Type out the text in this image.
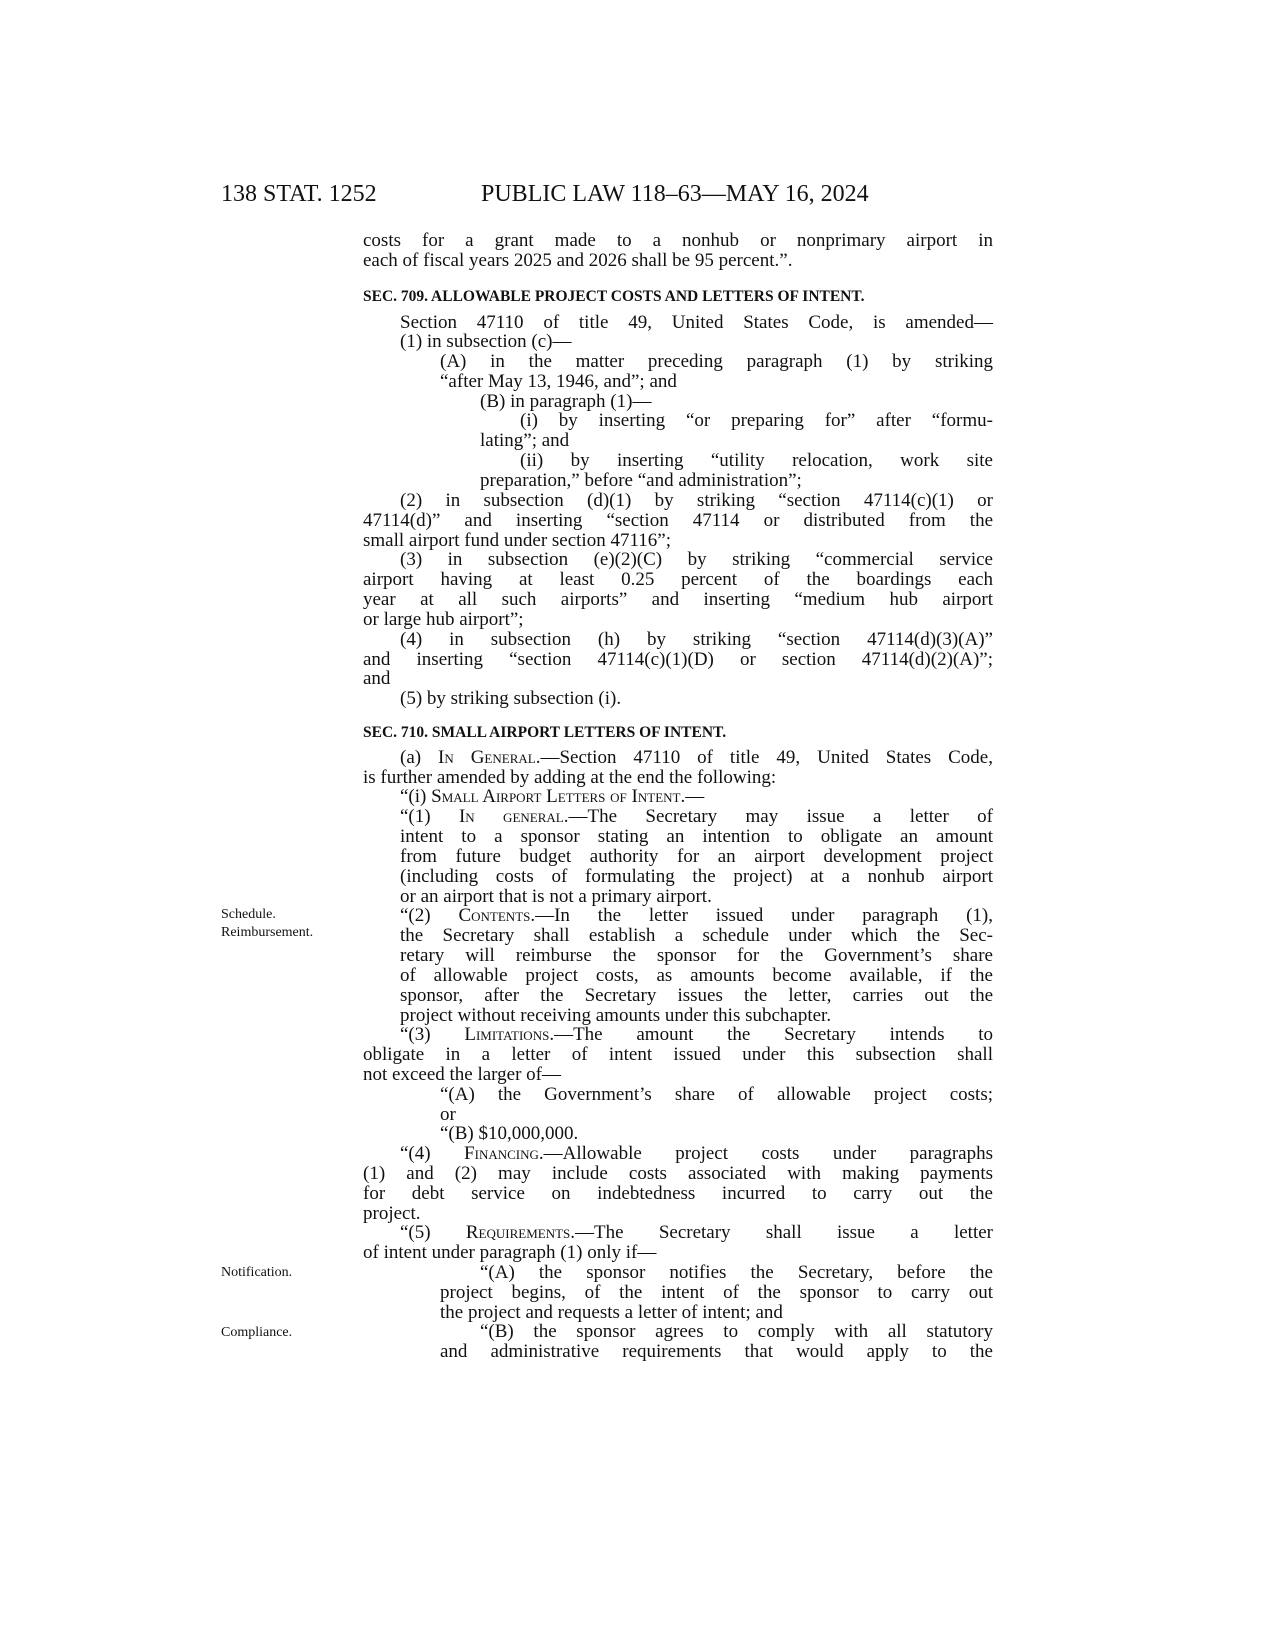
138 STAT. 1252	PUBLIC LAW 118–63—MAY 16, 2024
Schedule.
Reimbursement.
Notification.
Compliance.
costs for a grant made to a nonhub or nonprimary airport in
each of fiscal years 2025 and 2026 shall be 95 percent.”.
SEC. 709. ALLOWABLE PROJECT COSTS AND LETTERS OF INTENT.
Section 47110 of title 49, United States Code, is amended—
(1) in subsection (c)—
(A) in the matter preceding paragraph (1) by striking
“after May 13, 1946, and”; and
(B) in paragraph (1)—
(i) by inserting “or preparing for” after “formu-
lating”; and
(ii) by inserting “utility relocation, work site
preparation,” before “and administration”;
(2) in subsection (d)(1) by striking “section 47114(c)(1) or
47114(d)” and inserting “section 47114 or distributed from the
small airport fund under section 47116”;
(3) in subsection (e)(2)(C) by striking “commercial service
airport having at least 0.25 percent of the boardings each
year at all such airports” and inserting “medium hub airport
or large hub airport”;
(4) in subsection (h) by striking “section 47114(d)(3)(A)”
and inserting “section 47114(c)(1)(D) or section 47114(d)(2)(A)”;
and
(5) by striking subsection (i).
SEC. 710. SMALL AIRPORT LETTERS OF INTENT.
(a) In General.—Section 47110 of title 49, United States Code,
is further amended by adding at the end the following:
“(i) Small Airport Letters of Intent.—
“(1) In general.—The Secretary may issue a letter of
intent to a sponsor stating an intention to obligate an amount
from future budget authority for an airport development project
(including costs of formulating the project) at a nonhub airport
or an airport that is not a primary airport.
“(2) Contents.—In the letter issued under paragraph (1),
the Secretary shall establish a schedule under which the Sec-
retary will reimburse the sponsor for the Government’s share
of allowable project costs, as amounts become available, if the
sponsor, after the Secretary issues the letter, carries out the
project without receiving amounts under this subchapter.
“(3) Limitations.—The amount the Secretary intends to
obligate in a letter of intent issued under this subsection shall
not exceed the larger of—
“(A) the Government’s share of allowable project costs;
or
“(B) $10,000,000.
“(4) Financing.—Allowable project costs under paragraphs
(1) and (2) may include costs associated with making payments
for debt service on indebtedness incurred to carry out the
project.
“(5) Requirements.—The Secretary shall issue a letter
of intent under paragraph (1) only if—
“(A) the sponsor notifies the Secretary, before the
project begins, of the intent of the sponsor to carry out
the project and requests a letter of intent; and
“(B) the sponsor agrees to comply with all statutory
and administrative requirements that would apply to the
